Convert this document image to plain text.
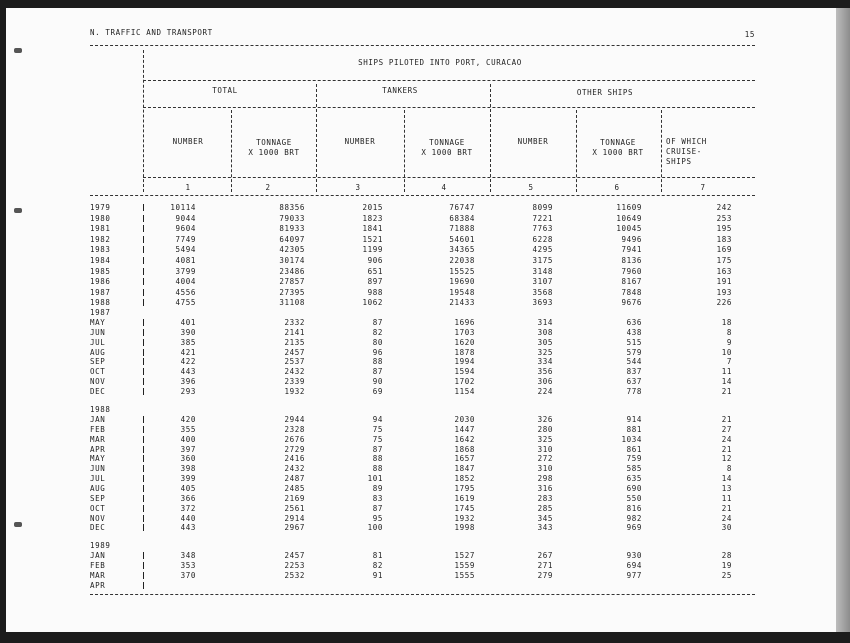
N. TRAFFIC AND TRANSPORT	15
SHIPS PILOTED INTO PORT, CURACAO
TOTAL	TANKERS	OTHER SHIPS
NUMBER	TONNAGE
X 1000 BRT
NUMBER	TONNAGE
X 1000 BRT
NUMBER	TONNAGE
X 1000 BRT
OF WHICH
CRUISE-
SHIPS
1	2	3	4	5	6	7
1979	10114	88356	2015	76747	8099	11609	242
1980	9044	79033	1823	68384	7221	10649	253
1981	9604	81933	1841	71888	7763	10045	195
1982	7749	64097	1521	54601	6228	9496	183
1983	5494	42305	1199	34365	4295	7941	169
1984	4081	30174	906	22038	3175	8136	175
1985	3799	23486	651	15525	3148	7960	163
1986	4004	27857	897	19690	3107	8167	191
1987	4556	27395	988	19548	3568	7848	193
1988	4755	31108	1062	21433	3693	9676	226
1987
MAY	401	2332	87	1696	314	636	18
JUN	390	2141	82	1703	308	438	8
JUL	385	2135	80	1620	305	515	9
AUG	421	2457	96	1878	325	579	10
SEP	422	2537	88	1994	334	544	7
OCT	443	2432	87	1594	356	837	11
NOV	396	2339	90	1702	306	637	14
DEC	293	1932	69	1154	224	778	21
1988
JAN	420	2944	94	2030	326	914	21
FEB	355	2328	75	1447	280	881	27
MAR	400	2676	75	1642	325	1034	24
APR	397	2729	87	1868	310	861	21
MAY	360	2416	88	1657	272	759	12
JUN	398	2432	88	1847	310	585	8
JUL	399	2487	101	1852	298	635	14
AUG	405	2485	89	1795	316	690	13
SEP	366	2169	83	1619	283	550	11
OCT	372	2561	87	1745	285	816	21
NOV	440	2914	95	1932	345	982	24
DEC	443	2967	100	1998	343	969	30
1989
JAN	348	2457	81	1527	267	930	28
FEB	353	2253	82	1559	271	694	19
MAR	370	2532	91	1555	279	977	25
APR
